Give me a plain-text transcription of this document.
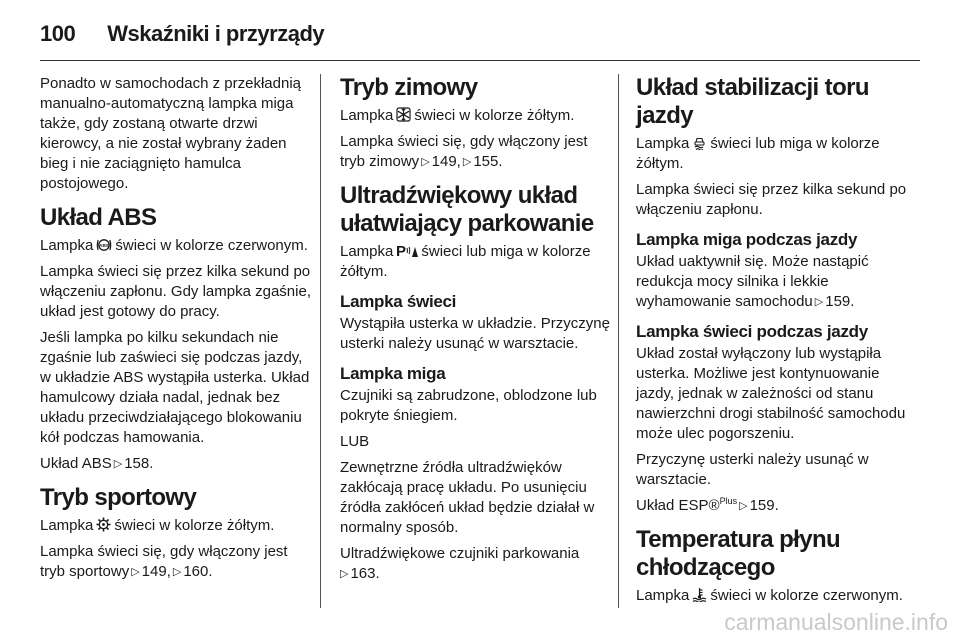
100 Wskaźniki i przyrządy

Ponadto w samochodach z przekładnią manualno-automatyczną lampka miga także, gdy zostaną otwarte drzwi kierowcy, a nie został wybrany żaden bieg i nie zaciągnięto hamulca postojowego.

Układ ABS

Lampka ABS świeci w kolorze czerwonym.

Lampka świeci się przez kilka sekund po włączeniu zapłonu. Gdy lampka zgaśnie, układ jest gotowy do pracy.

Jeśli lampka po kilku sekundach nie zgaśnie lub zaświeci się podczas jazdy, w układzie ABS wystąpiła usterka. Układ hamulcowy działa nadal, jednak bez układu przeciwdziałającego blokowaniu kół podczas hamowania.

Układ ABS ▷ 158.

Tryb sportowy

Lampka świeci w kolorze żółtym.

Lampka świeci się, gdy włączony jest tryb sportowy ▷ 149, ▷ 160.

Tryb zimowy

Lampka świeci w kolorze żółtym.

Lampka świeci się, gdy włączony jest tryb zimowy ▷ 149, ▷ 155.

Ultradźwiękowy układ ułatwiający parkowanie

Lampka P świeci lub miga w kolorze żółtym.

Lampka świeci

Wystąpiła usterka w układzie. Przyczynę usterki należy usunąć w warsztacie.

Lampka miga

Czujniki są zabrudzone, oblodzone lub pokryte śniegiem.

LUB

Zewnętrzne źródła ultradźwięków zakłócają pracę układu. Po usunięciu źródła zakłóceń układ będzie działał w normalny sposób.

Ultradźwiękowe czujniki parkowania
▷ 163.

Układ stabilizacji toru jazdy

Lampka świeci lub miga w kolorze żółtym.

Lampka świeci się przez kilka sekund po włączeniu zapłonu.

Lampka miga podczas jazdy

Układ uaktywnił się. Może nastąpić redukcja mocy silnika i lekkie wyhamowanie samochodu ▷ 159.

Lampka świeci podczas jazdy

Układ został wyłączony lub wystąpiła usterka. Możliwe jest kontynuowanie jazdy, jednak w zależności od stanu nawierzchni drogi stabilność samochodu może ulec pogorszeniu.

Przyczynę usterki należy usunąć w warsztacie.

Układ ESP®$^{Plus}$ ▷ 159.

Temperatura płynu chłodzącego

Lampka świeci w kolorze czerwonym.

carmanualsonline.info
